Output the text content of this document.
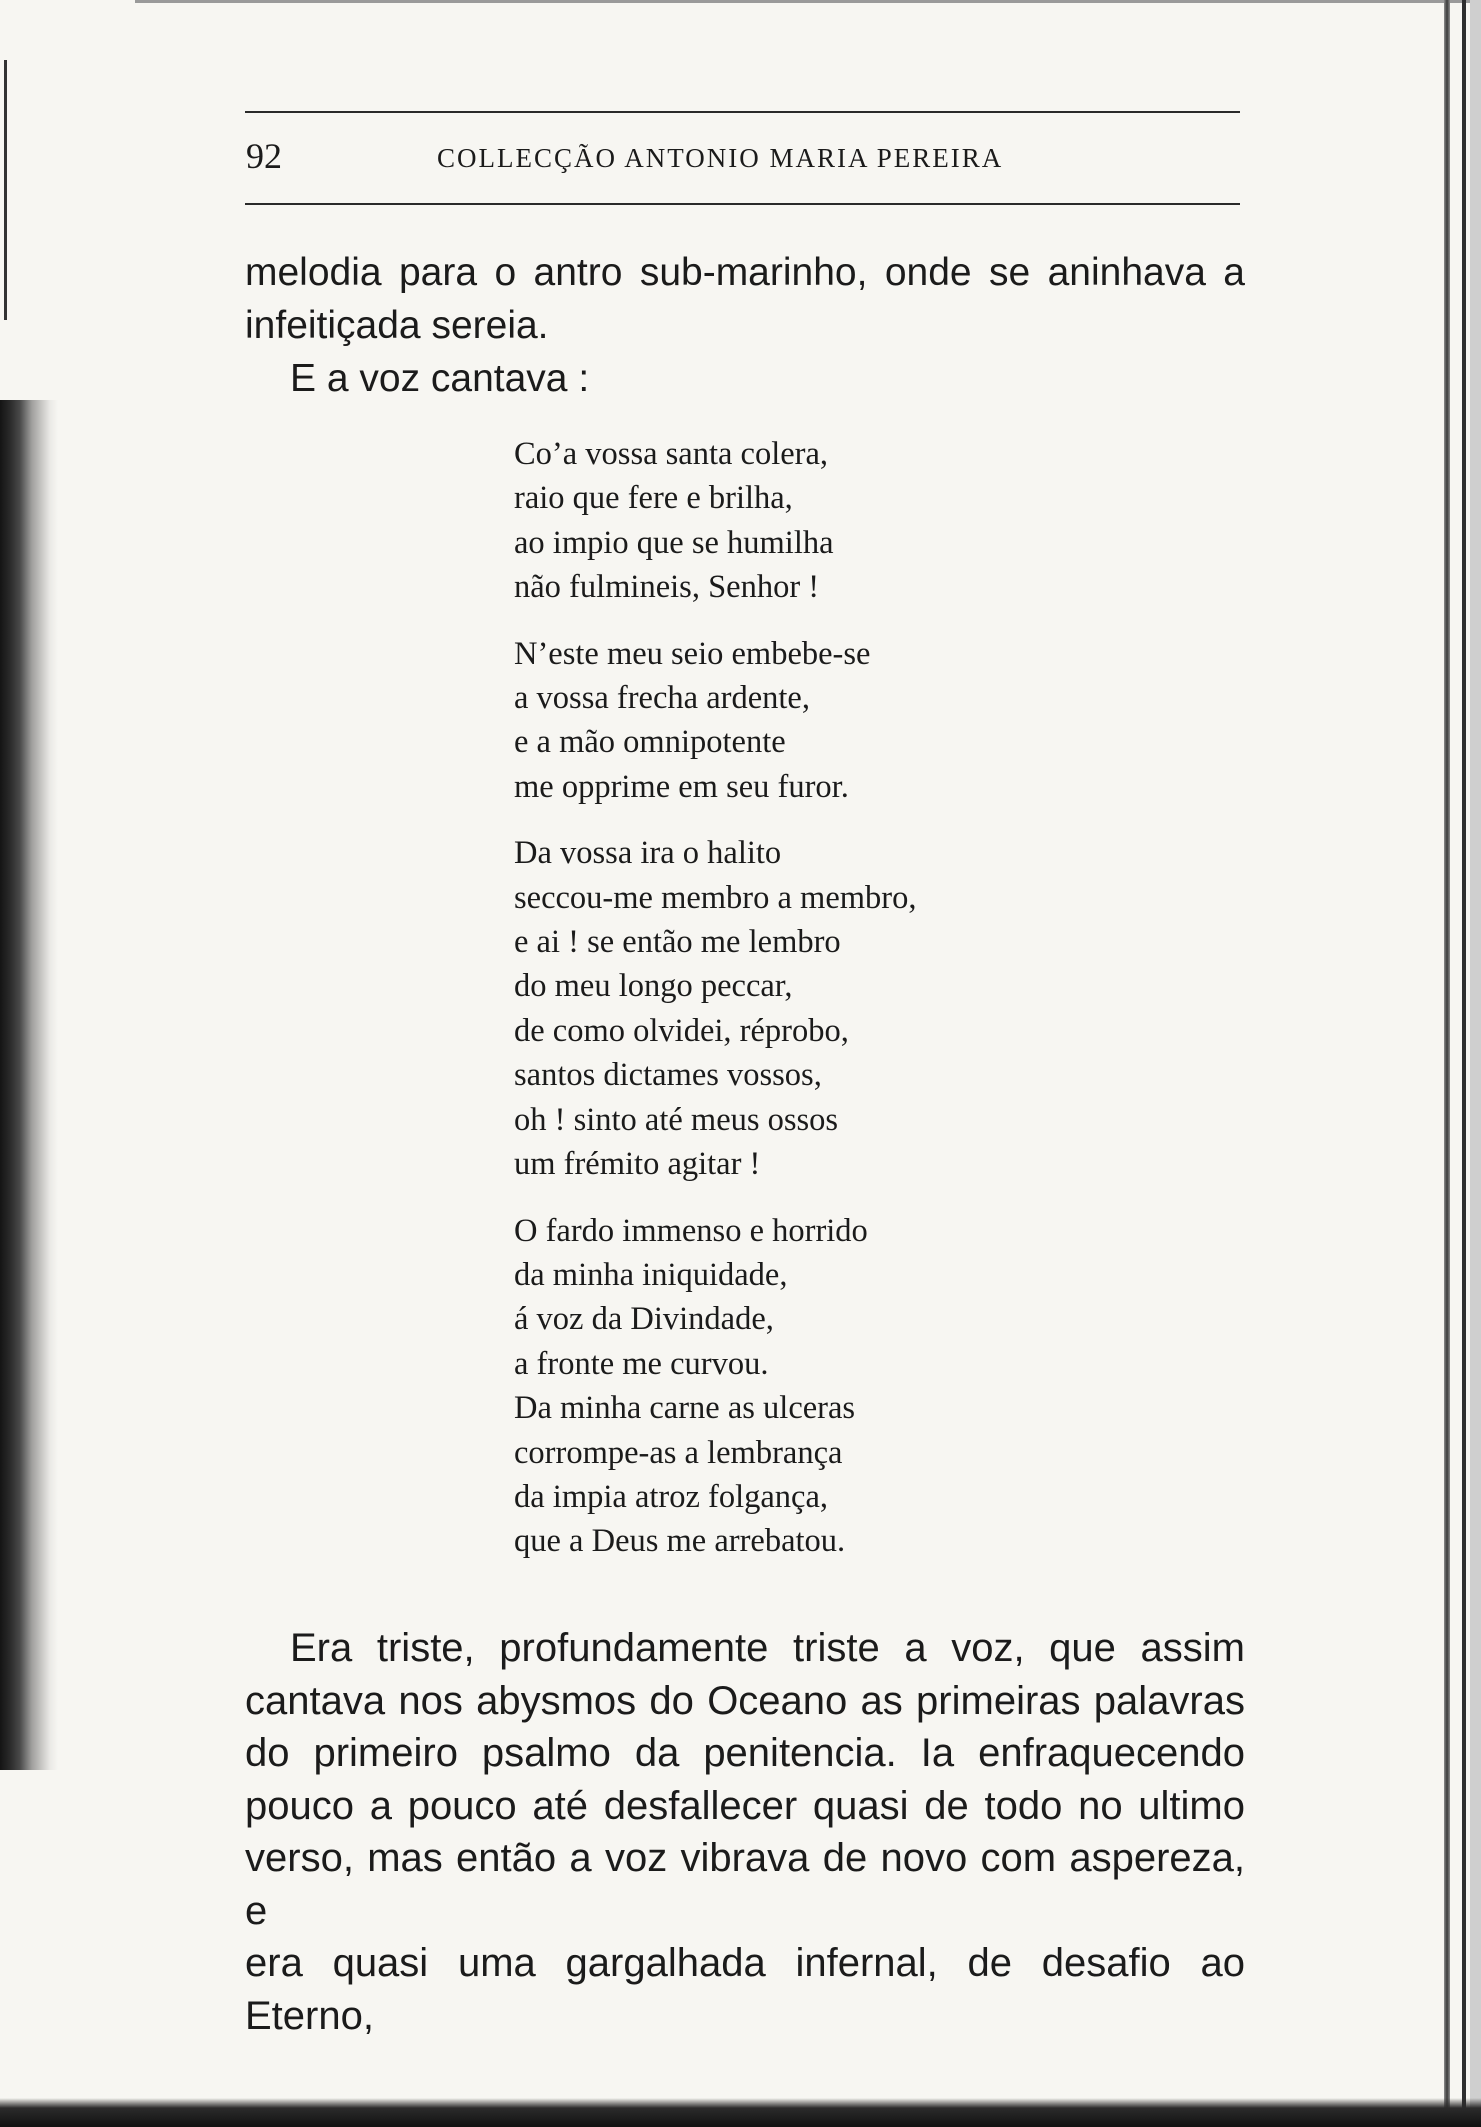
92	COLLECÇÃO ANTONIO MARIA PEREIRA
melodia para o antro sub-marinho, onde se aninhava a
infeitiçada sereia.
E a voz cantava :
Co’a vossa santa colera,
raio que fere e brilha,
ao impio que se humilha
não fulmineis, Senhor !
N’este meu seio embebe-se
a vossa frecha ardente,
e a mão omnipotente
me opprime em seu furor.
Da vossa ira o halito
seccou-me membro a membro,
e ai ! se então me lembro
do meu longo peccar,
de como olvidei, réprobo,
santos dictames vossos,
oh ! sinto até meus ossos
um frémito agitar !
O fardo immenso e horrido
da minha iniquidade,
á voz da Divindade,
a fronte me curvou.
Da minha carne as ulceras
corrompe-as a lembrança
da impia atroz folgança,
que a Deus me arrebatou.
Era triste, profundamente triste a voz, que assim
cantava nos abysmos do Oceano as primeiras palavras
do primeiro psalmo da penitencia. Ia enfraquecendo
pouco a pouco até desfallecer quasi de todo no ultimo
verso, mas então a voz vibrava de novo com aspereza, e
era quasi uma gargalhada infernal, de desafio ao Eterno,
